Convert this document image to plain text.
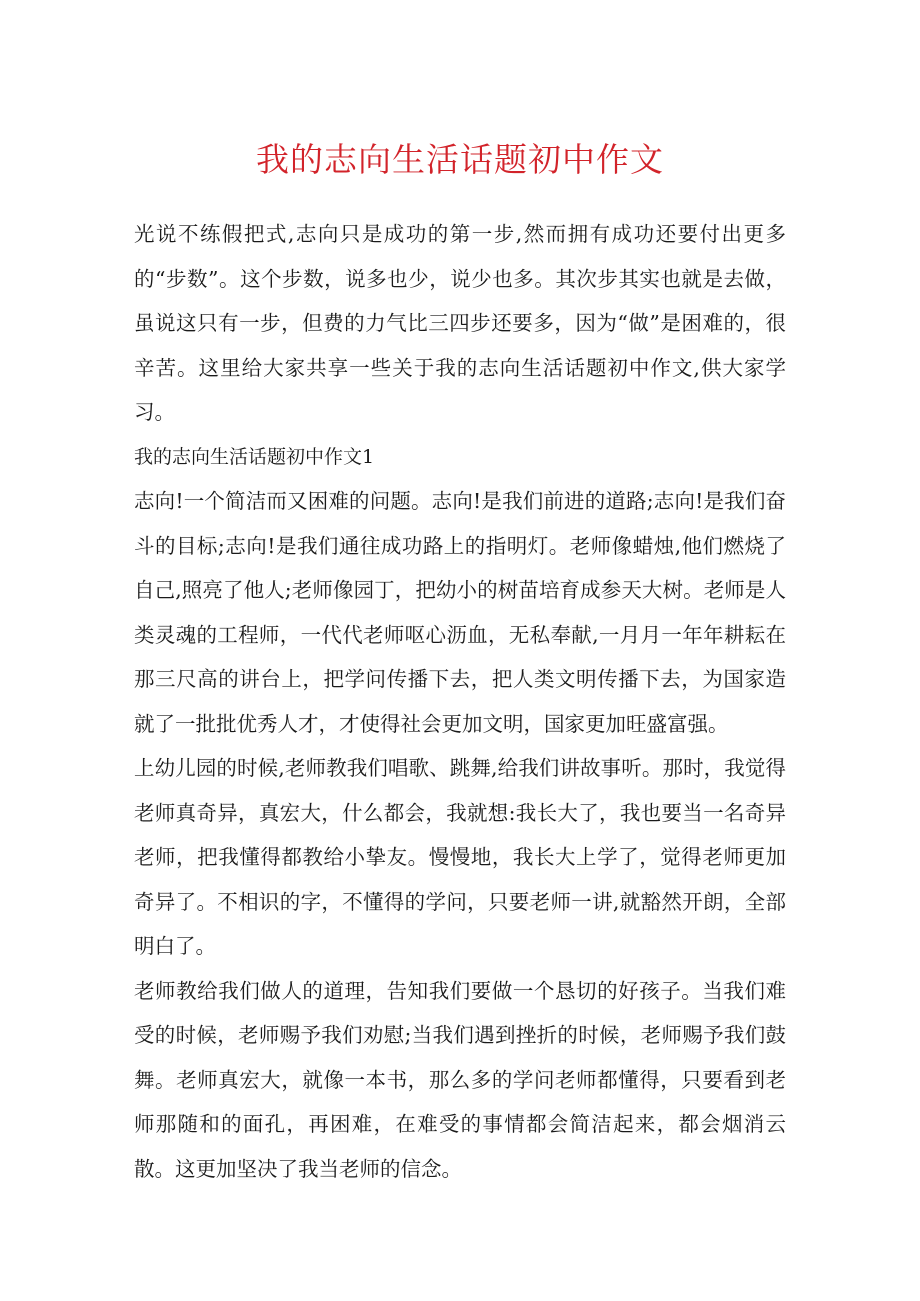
我的志向生活话题初中作文

光说不练假把式,志向只是成功的第一步,然而拥有成功还要付出更多的“步数”。这个步数，说多也少，说少也多。其次步其实也就是去做，虽说这只有一步，但费的力气比三四步还要多，因为“做”是困难的，很辛苦。这里给大家共享一些关于我的志向生活话题初中作文,供大家学习。

我的志向生活话题初中作文1

志向!一个简洁而又困难的问题。志向!是我们前进的道路;志向!是我们奋斗的目标;志向!是我们通往成功路上的指明灯。老师像蜡烛,他们燃烧了自己,照亮了他人;老师像园丁，把幼小的树苗培育成参天大树。老师是人类灵魂的工程师，一代代老师呕心沥血，无私奉献,一月月一年年耕耘在那三尺高的讲台上，把学问传播下去，把人类文明传播下去，为国家造就了一批批优秀人才，才使得社会更加文明，国家更加旺盛富强。

上幼儿园的时候,老师教我们唱歌、跳舞,给我们讲故事听。那时，我觉得老师真奇异，真宏大，什么都会，我就想:我长大了，我也要当一名奇异老师，把我懂得都教给小挚友。慢慢地，我长大上学了，觉得老师更加奇异了。不相识的字，不懂得的学问，只要老师一讲,就豁然开朗，全部明白了。

老师教给我们做人的道理，告知我们要做一个恳切的好孩子。当我们难受的时候，老师赐予我们劝慰;当我们遇到挫折的时候，老师赐予我们鼓舞。老师真宏大，就像一本书，那么多的学问老师都懂得，只要看到老师那随和的面孔，再困难，在难受的事情都会简洁起来，都会烟消云散。这更加坚决了我当老师的信念。
